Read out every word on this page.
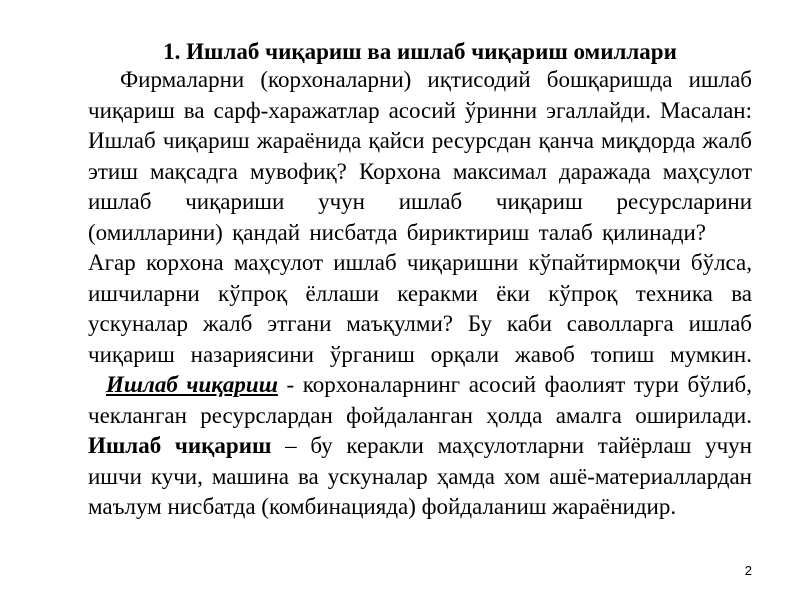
1. Ишлаб чиқариш ва ишлаб чиқариш омиллари

Фирмаларни (корхоналарни) иқтисодий бошқаришда ишлаб чиқариш ва сарф-харажатлар асосий ўринни эгаллайди. Масалан: Ишлаб чиқариш жараёнида қайси ресурсдан қанча миқдорда жалб этиш мақсадга мувофиқ? Корхона максимал даражада маҳсулот ишлаб чиқариши учун ишлаб чиқариш ресурсларини (омилларини) қандай нисбатда бириктириш талаб қилинади?Агар корхона маҳсулот ишлаб чиқаришни кўпайтирмоқчи бўлса, ишчиларни кўпроқ ёллаши керакми ёки кўпроқ техника ва ускуналар жалб этгани маъқулми? Бу каби саволларга ишлаб чиқариш назариясини ўрганиш орқали жавоб топиш мумкин.

Ишлаб чиқариш - корхоналарнинг асосий фаолият тури бўлиб, чекланган ресурслардан фойдаланган ҳолда амалга оширилади. Ишлаб чиқариш – бу керакли маҳсулотларни тайёрлаш учун ишчи кучи, машина ва ускуналар ҳамда хом ашё-материаллардан маълум нисбатда (комбинацияда) фойдаланиш жараёнидир.

2
